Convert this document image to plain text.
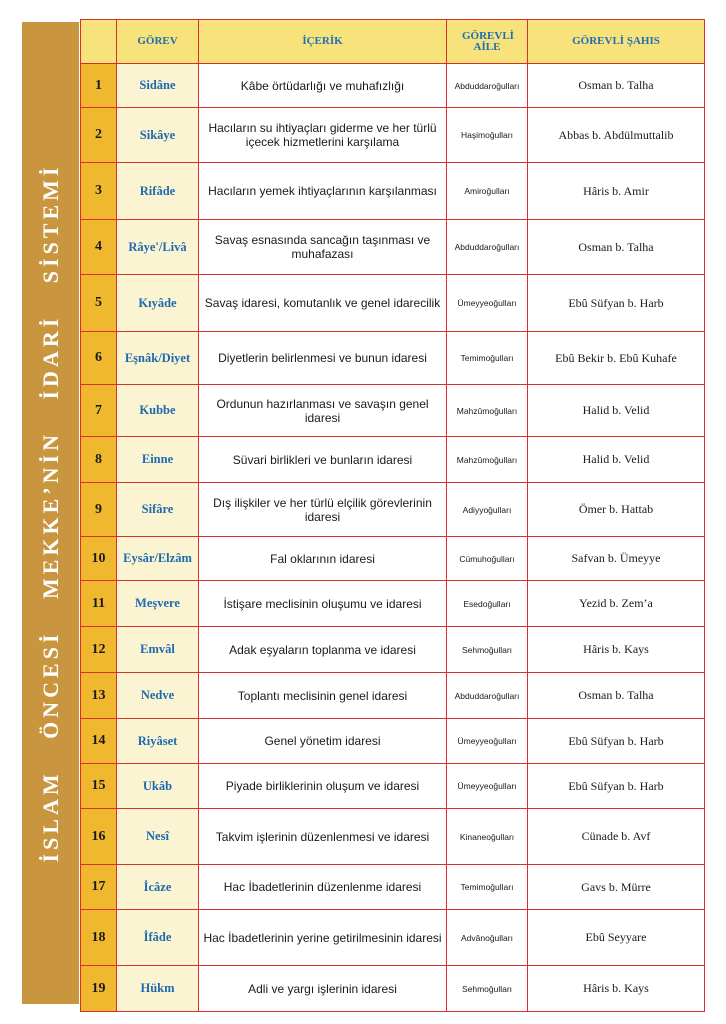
İSLAM ÖNCESİ MEKKE’NİN İDARİ SİSTEMİ
	GÖREV	İÇERİK	GÖREVLİ AİLE	GÖREVLİ ŞAHIS
1	Sidâne	Kâbe örtüdarlığı ve muhafızlığı	Abduddaroğulları	Osman b. Talha
2	Sikâye	Hacıların su ihtiyaçları giderme ve her türlü içecek hizmetlerini karşılama	Haşimoğulları	Abbas b. Abdülmuttalib
3	Rifâde	Hacıların yemek ihtiyaçlarının karşılanması	Amiroğulları	Hâris b. Amir
4	Râye'/Livâ	Savaş esnasında sancağın taşınması ve muhafazası	Abduddaroğulları	Osman b. Talha
5	Kıyâde	Savaş idaresi, komutanlık ve genel idarecilik	Ümeyyeoğulları	Ebû Süfyan b. Harb
6	Eşnâk/Diyet	Diyetlerin belirlenmesi ve bunun idaresi	Temimoğulları	Ebû Bekir b. Ebû Kuhafe
7	Kubbe	Ordunun hazırlanması ve savaşın genel idaresi	Mahzûmoğulları	Halid b. Velid
8	Einne	Süvari birlikleri ve bunların idaresi	Mahzûmoğulları	Halid b. Velid
9	Sifâre	Dış ilişkiler ve her türlü elçilik görevlerinin idaresi	Adiyyoğulları	Ömer b. Hattab
10	Eysâr/Elzâm	Fal oklarının idaresi	Cümuhoğulları	Safvan b. Ümeyye
11	Meşvere	İstişare meclisinin oluşumu ve idaresi	Esedoğulları	Yezid b. Zem’a
12	Emvâl	Adak eşyaların toplanma ve idaresi	Sehmoğulları	Hâris b. Kays
13	Nedve	Toplantı meclisinin genel idaresi	Abduddaroğulları	Osman b. Talha
14	Riyâset	Genel yönetim idaresi	Ümeyyeoğulları	Ebû Süfyan b. Harb
15	Ukâb	Piyade birliklerinin oluşum ve idaresi	Ümeyyeoğulları	Ebû Süfyan b. Harb
16	Nesî	Takvim işlerinin düzenlenmesi ve idaresi	Kinaneoğulları	Cünade b. Avf
17	İcâze	Hac İbadetlerinin düzenlenme idaresi	Temimoğulları	Gavs b. Mürre
18	İfâde	Hac İbadetlerinin yerine getirilmesinin idaresi	Advânoğulları	Ebû Seyyare
19	Hükm	Adli ve yargı işlerinin idaresi	Sehmoğulları	Hâris b. Kays
